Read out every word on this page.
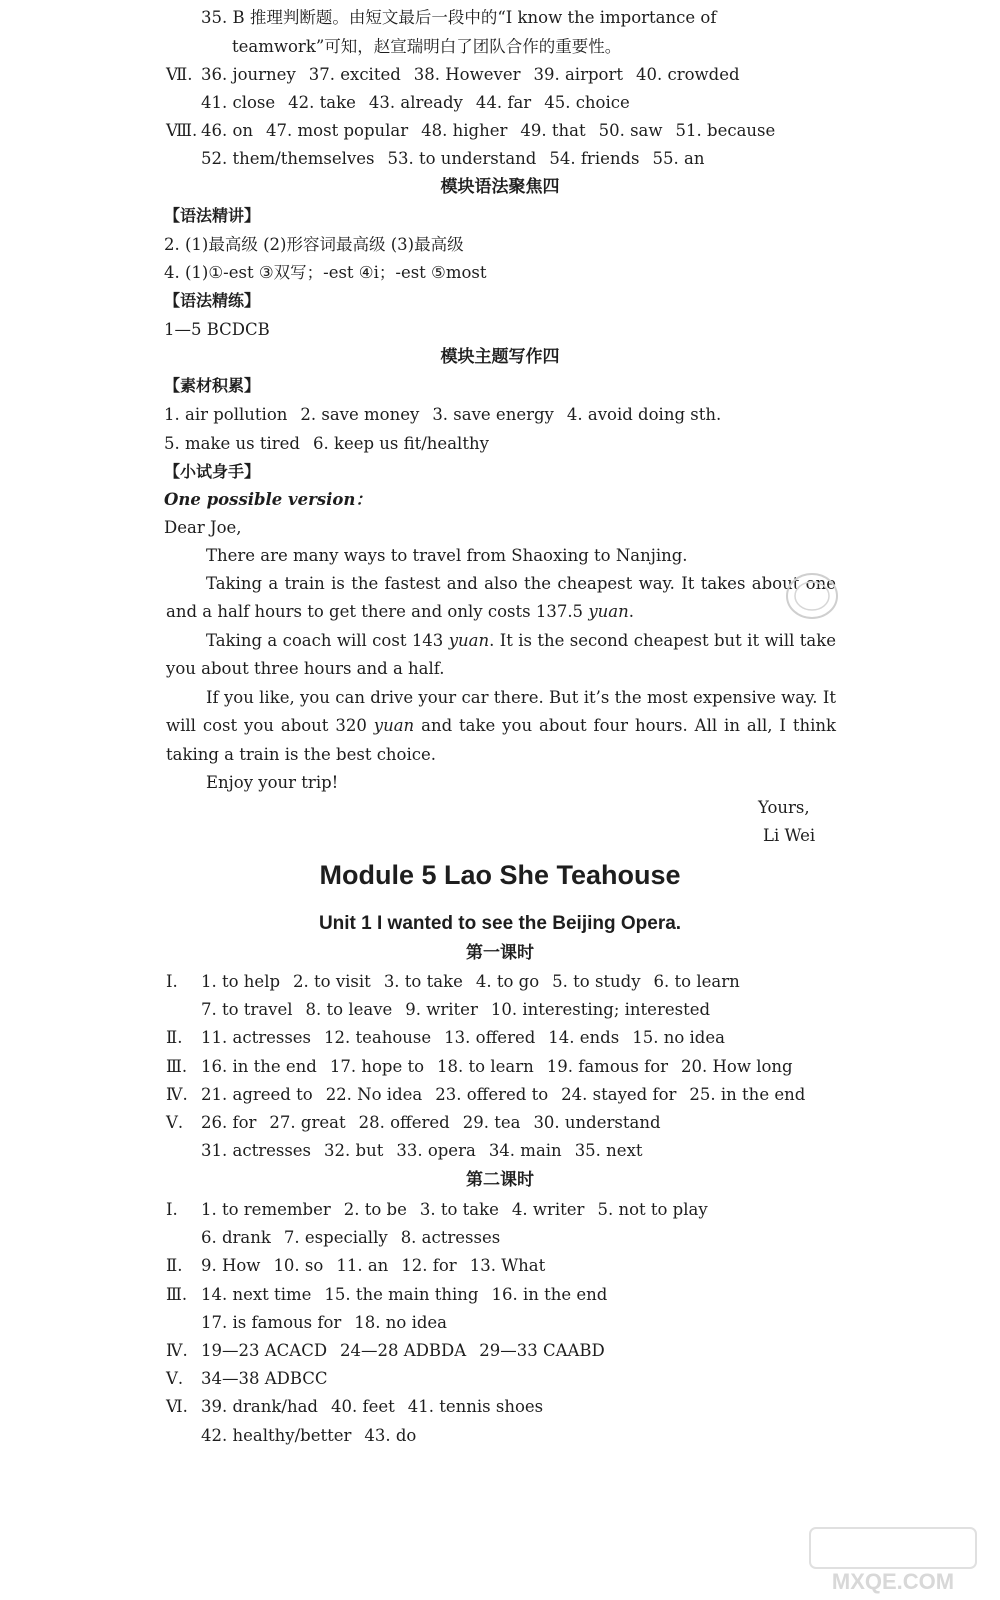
35. B 推理判断题。由短文最后一段中的“I know the importance of
teamwork”可知，赵宣瑞明白了团队合作的重要性。
Ⅶ. 36. journey 37. excited 38. However 39. airport 40. crowded
41. close 42. take 43. already 44. far 45. choice
Ⅷ. 46. on 47. most popular 48. higher 49. that 50. saw 51. because
52. them/themselves 53. to understand 54. friends 55. an
模块语法聚焦四
【语法精讲】
2. (1)最高级 (2)形容词最高级 (3)最高级
4. (1)①-est ③双写；-est ④i；-est ⑤most
【语法精练】
1—5 BCDCB
模块主题写作四
【素材积累】
1. air pollution 2. save money 3. save energy 4. avoid doing sth.
5. make us tired 6. keep us fit/healthy
【小试身手】
One possible version：
Dear Joe,
There are many ways to travel from Shaoxing to Nanjing.
Taking a train is the fastest and also the cheapest way. It takes about one and a half hours to get there and only costs 137.5 yuan.
Taking a coach will cost 143 yuan. It is the second cheapest but it will take you about three hours and a half.
If you like, you can drive your car there. But it’s the most expensive way. It will cost you about 320 yuan and take you about four hours. All in all, I think taking a train is the best choice.
Enjoy your trip!
Yours,
Li Wei
Module 5 Lao She Teahouse
Unit 1 I wanted to see the Beijing Opera.
第一课时
Ⅰ. 1. to help 2. to visit 3. to take 4. to go 5. to study 6. to learn
7. to travel 8. to leave 9. writer 10. interesting; interested
Ⅱ. 11. actresses 12. teahouse 13. offered 14. ends 15. no idea
Ⅲ. 16. in the end 17. hope to 18. to learn 19. famous for 20. How long
Ⅳ. 21. agreed to 22. No idea 23. offered to 24. stayed for 25. in the end
Ⅴ. 26. for 27. great 28. offered 29. tea 30. understand
31. actresses 32. but 33. opera 34. main 35. next
第二课时
Ⅰ. 1. to remember 2. to be 3. to take 4. writer 5. not to play
6. drank 7. especially 8. actresses
Ⅱ. 9. How 10. so 11. an 12. for 13. What
Ⅲ. 14. next time 15. the main thing 16. in the end
17. is famous for 18. no idea
Ⅳ. 19—23 ACACD 24—28 ADBDA 29—33 CAABD
Ⅴ. 34—38 ADBCC
Ⅵ. 39. drank/had 40. feet 41. tennis shoes
42. healthy/better 43. do
MXQE.COM
